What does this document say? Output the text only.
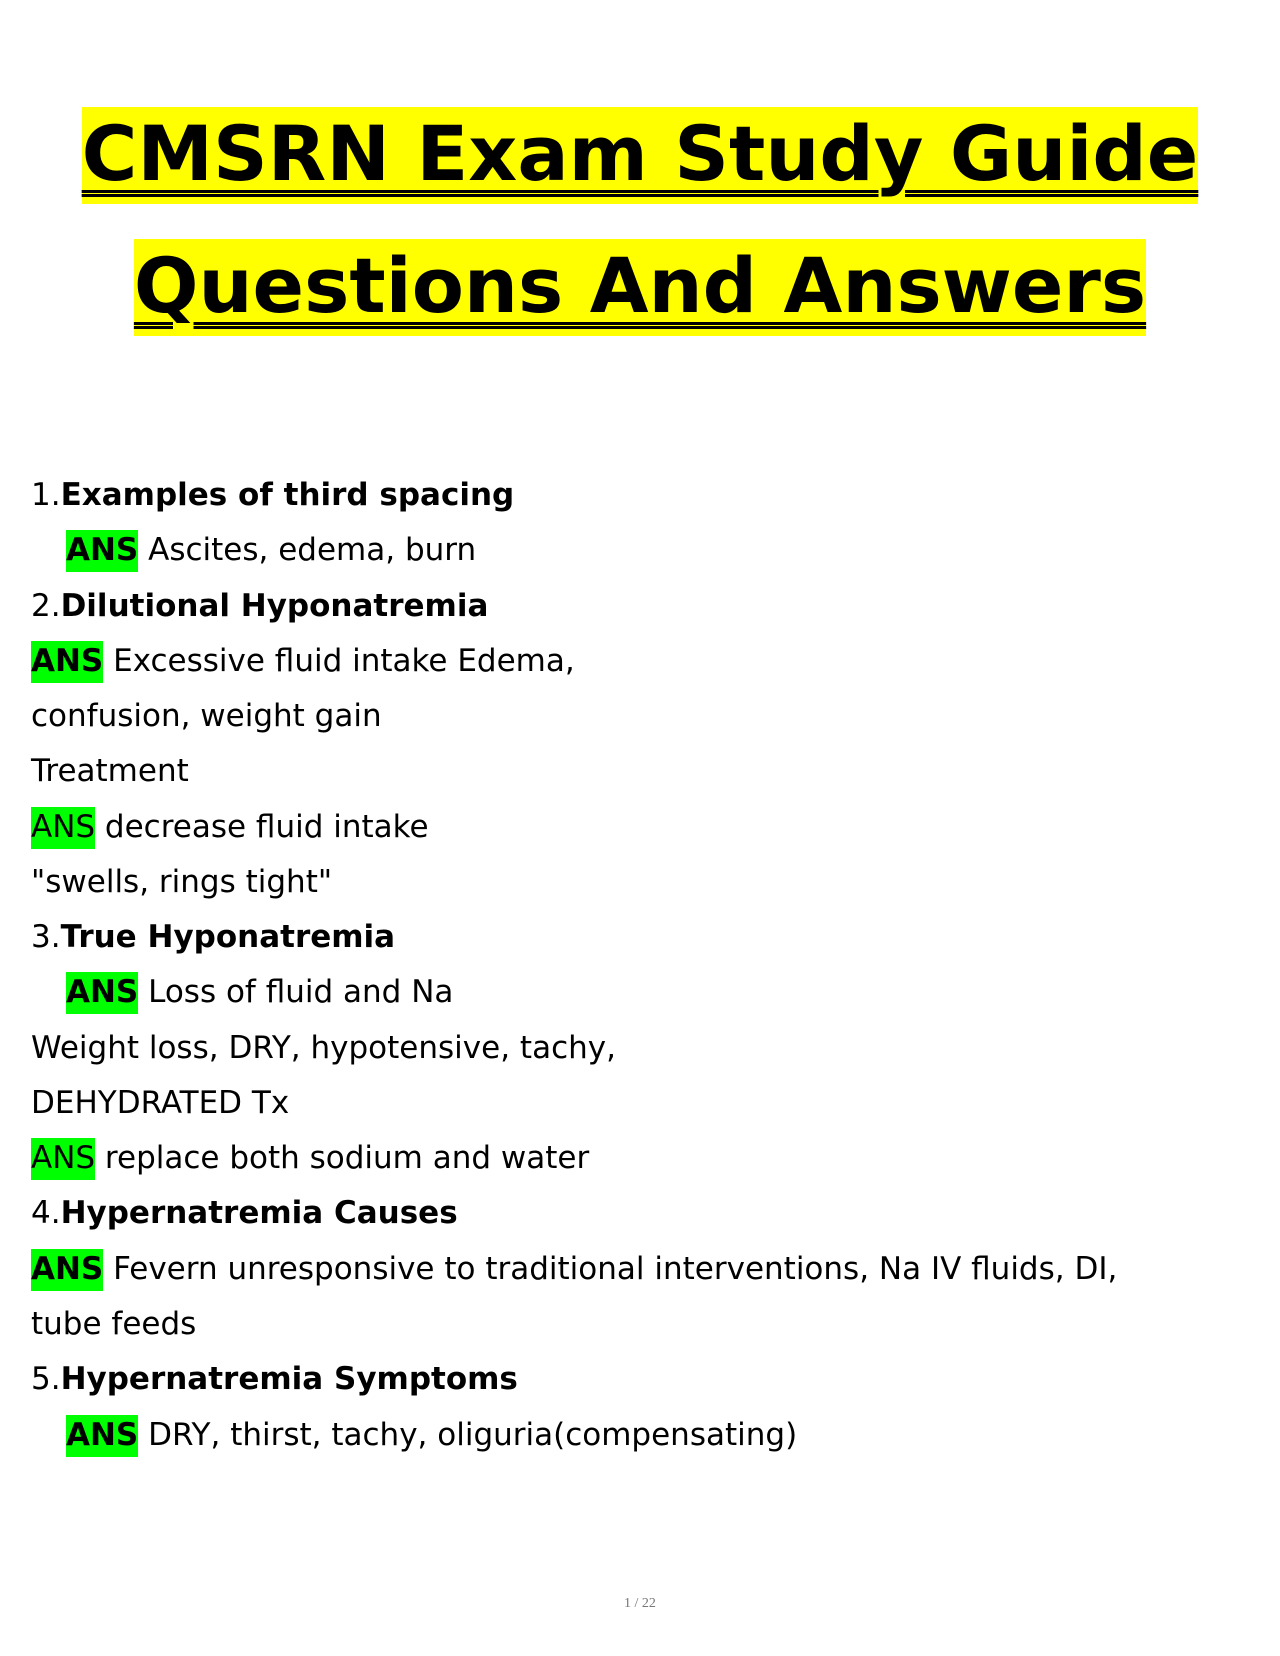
CMSRN Exam Study Guide
Questions And Answers
1.Examples of third spacing
ANS Ascites, edema, burn
2.Dilutional Hyponatremia
ANS Excessive fluid intake Edema,
confusion, weight gain
Treatment
ANS decrease fluid intake
"swells, rings tight"
3.True Hyponatremia
ANS Loss of fluid and Na
Weight loss, DRY, hypotensive, tachy,
DEHYDRATED Tx
ANS replace both sodium and water
4.Hypernatremia Causes
ANS Fevern unresponsive to traditional interventions, Na IV fluids, DI,
tube feeds
5.Hypernatremia Symptoms
ANS DRY, thirst, tachy, oliguria(compensating)
1 / 22
